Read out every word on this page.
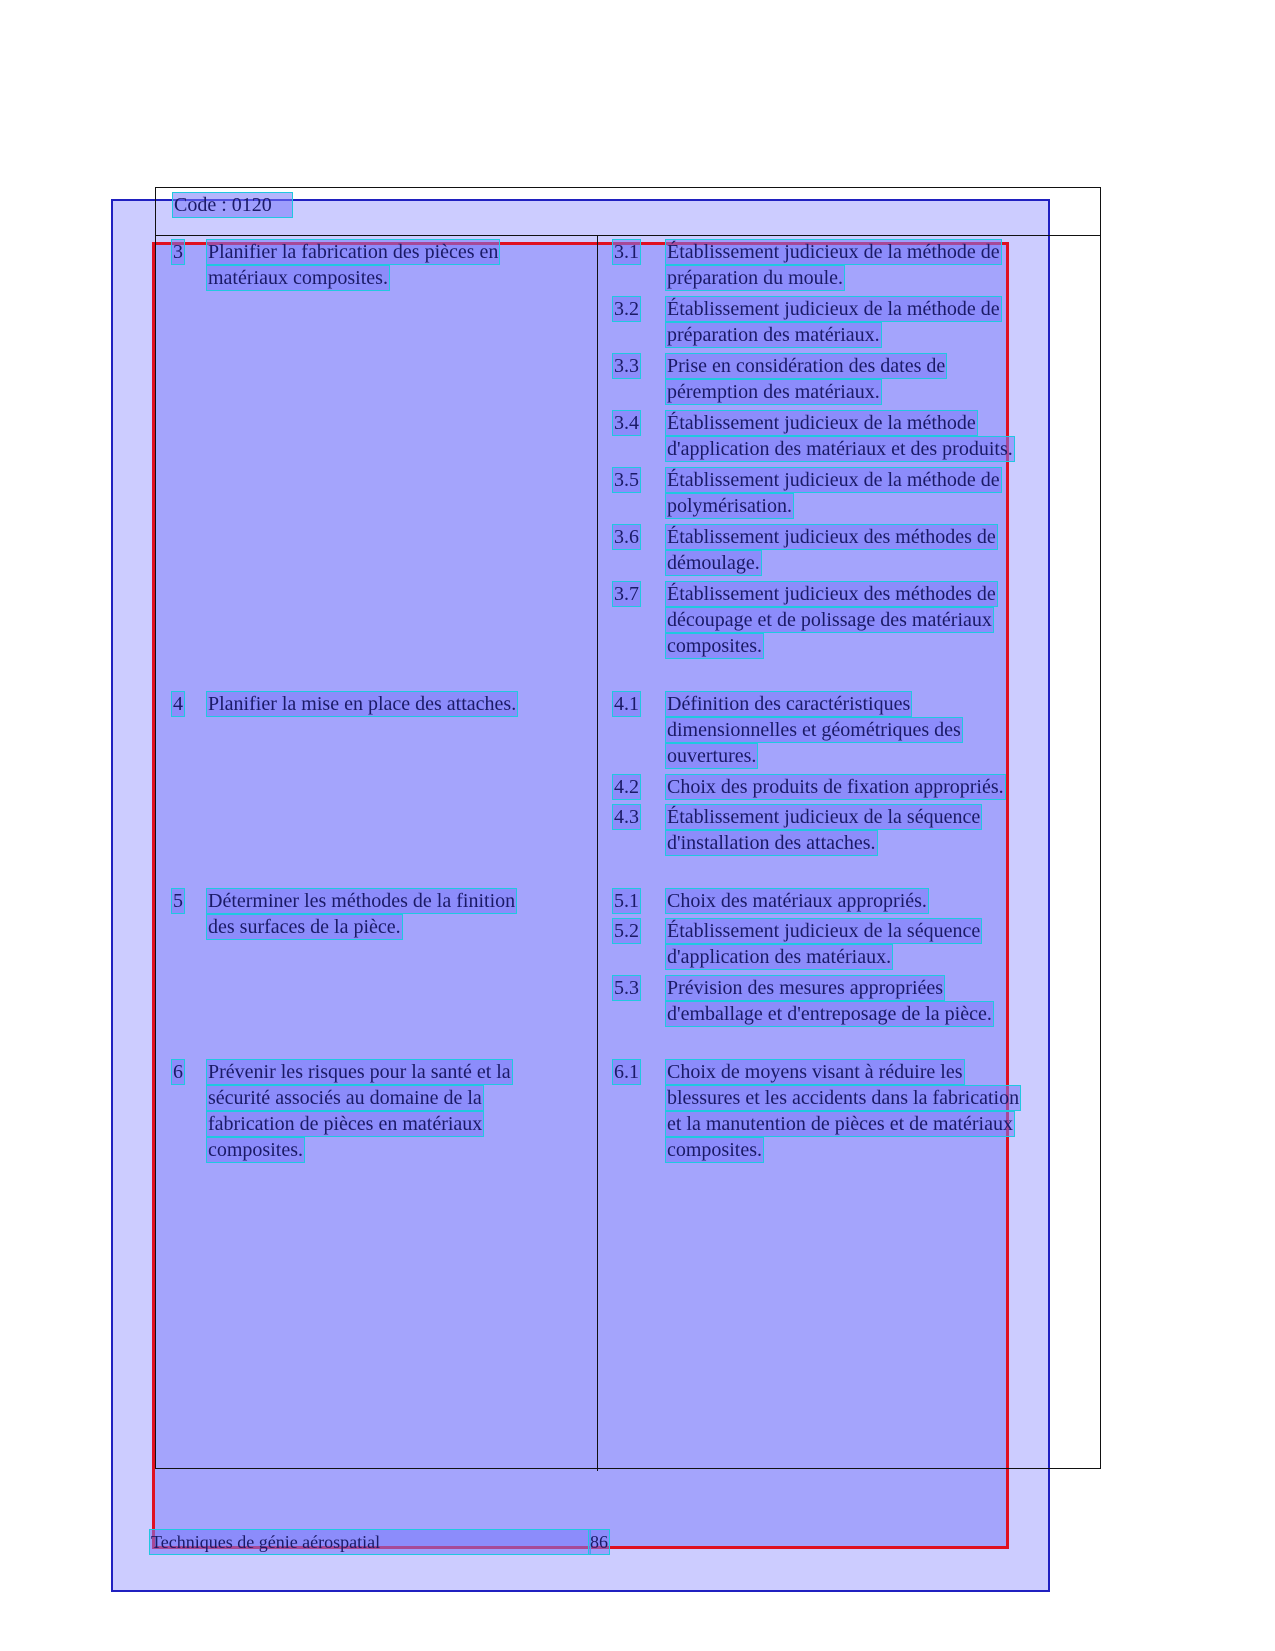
Code : 0120
3 Planifier la fabrication des pièces en
matériaux composites.
4 Planifier la mise en place des attaches.
5 Déterminer les méthodes de la finition
des surfaces de la pièce.
6 Prévenir les risques pour la santé et la
sécurité associés au domaine de la
fabrication de pièces en matériaux
composites.
3.1 Établissement judicieux de la méthode de
préparation du moule.
3.2 Établissement judicieux de la méthode de
préparation des matériaux.
3.3 Prise en considération des dates de
péremption des matériaux.
3.4 Établissement judicieux de la méthode
d'application des matériaux et des produits.
3.5 Établissement judicieux de la méthode de
polymérisation.
3.6 Établissement judicieux des méthodes de
démoulage.
3.7 Établissement judicieux des méthodes de
découpage et de polissage des matériaux
composites.
4.1 Définition des caractéristiques
dimensionnelles et géométriques des
ouvertures.
4.2 Choix des produits de fixation appropriés.
4.3 Établissement judicieux de la séquence
d'installation des attaches.
5.1 Choix des matériaux appropriés.
5.2 Établissement judicieux de la séquence
d'application des matériaux.
5.3 Prévision des mesures appropriées
d'emballage et d'entreposage de la pièce.
6.1 Choix de moyens visant à réduire les
blessures et les accidents dans la fabrication
et la manutention de pièces et de matériaux
composites.
Techniques de génie aérospatial	86
